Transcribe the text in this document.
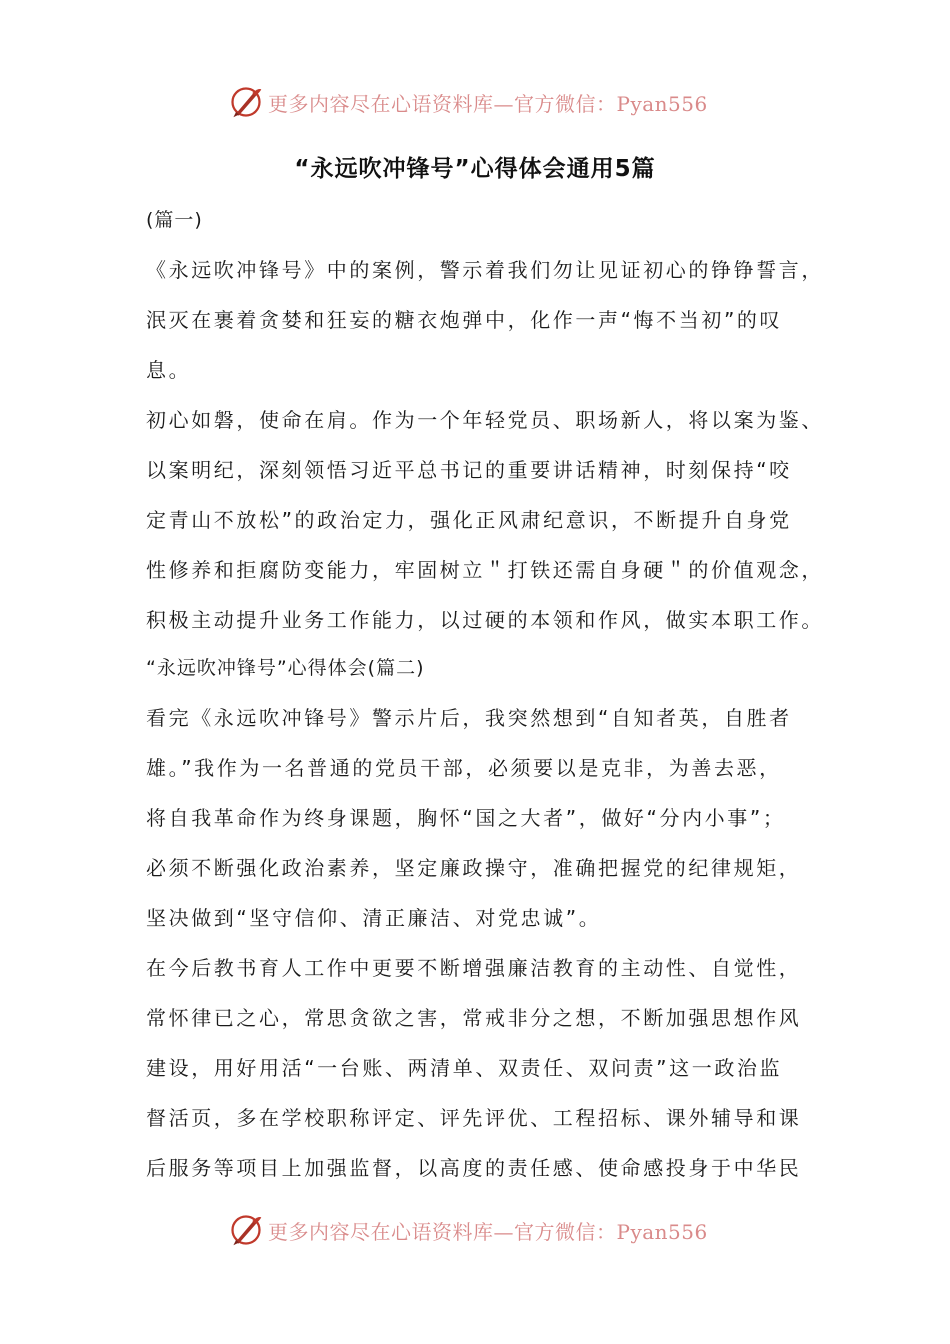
更多内容尽在心语资料库—官方微信：Pyan556
“永远吹冲锋号”心得体会通用5篇
(篇一)
《永远吹冲锋号》中的案例，警示着我们勿让见证初心的铮铮誓言，
泯灭在裹着贪婪和狂妄的糖衣炮弹中，化作一声“悔不当初”的叹
息。
初心如磐，使命在肩。作为一个年轻党员、职场新人，将以案为鉴、
以案明纪，深刻领悟习近平总书记的重要讲话精神，时刻保持“咬
定青山不放松”的政治定力，强化正风肃纪意识，不断提升自身党
性修养和拒腐防变能力，牢固树立＂打铁还需自身硬＂的价值观念，
积极主动提升业务工作能力，以过硬的本领和作风，做实本职工作。
“永远吹冲锋号”心得体会(篇二)
看完《永远吹冲锋号》警示片后，我突然想到“自知者英，自胜者
雄。”我作为一名普通的党员干部，必须要以是克非，为善去恶，
将自我革命作为终身课题，胸怀“国之大者”，做好“分内小事”；
必须不断强化政治素养，坚定廉政操守，准确把握党的纪律规矩，
坚决做到“坚守信仰、清正廉洁、对党忠诚”。
在今后教书育人工作中更要不断增强廉洁教育的主动性、自觉性，
常怀律已之心，常思贪欲之害，常戒非分之想，不断加强思想作风
建设，用好用活“一台账、两清单、双责任、双问责”这一政治监
督活页，多在学校职称评定、评先评优、工程招标、课外辅导和课
后服务等项目上加强监督，以高度的责任感、使命感投身于中华民
更多内容尽在心语资料库—官方微信：Pyan556
